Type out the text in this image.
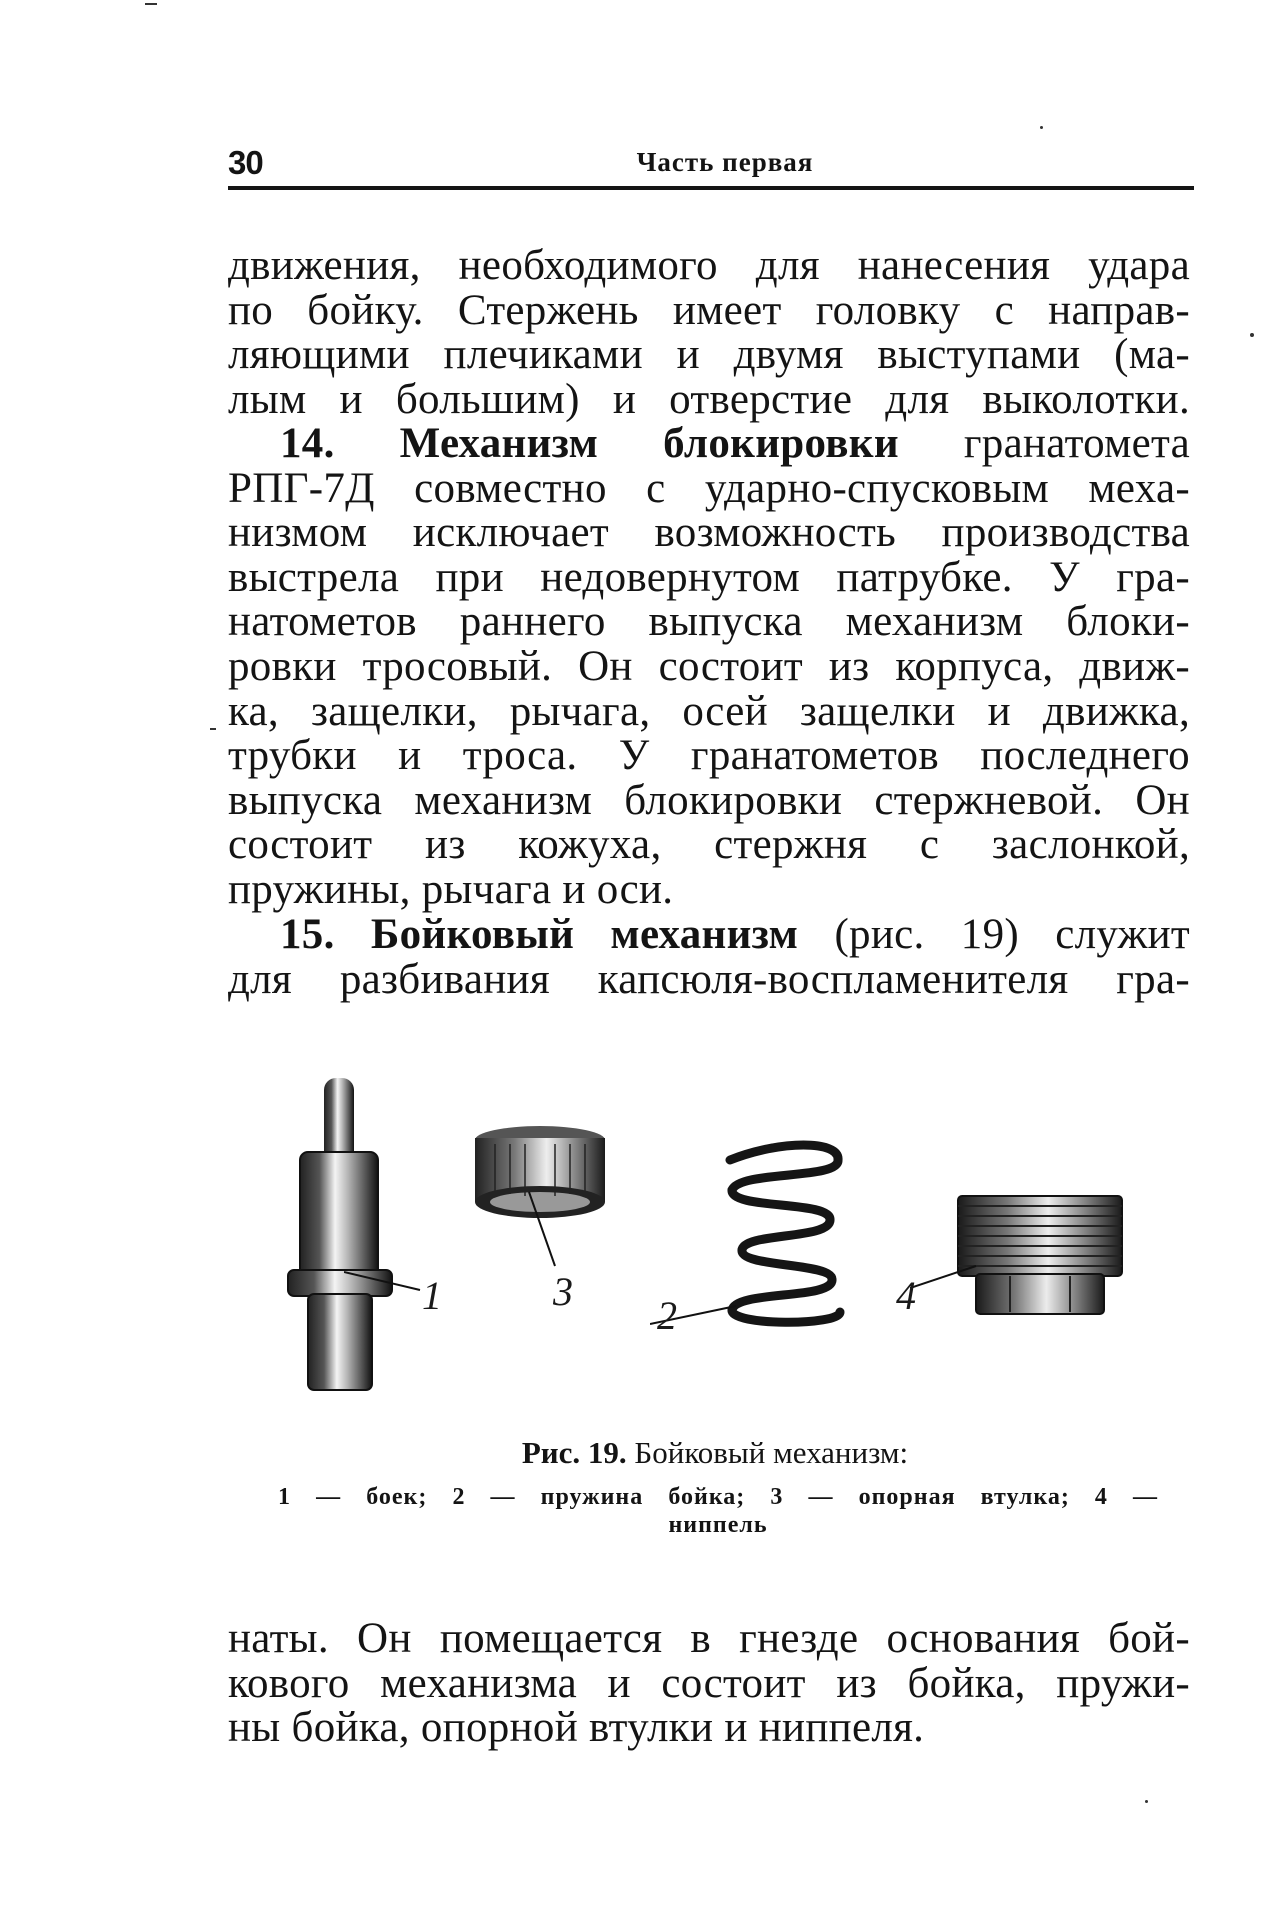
30	Часть первая
движения, необходимого для нанесения удара
по бойку. Стержень имеет головку с направ-
ляющими плечиками и двумя выступами (ма-
лым и большим) и отверстие для выколотки.
14. Механизм блокировки гранатомета
РПГ-7Д совместно с ударно-спусковым меха-
низмом исключает возможность производства
выстрела при недовернутом патрубке. У гра-
натометов раннего выпуска механизм блоки-
ровки тросовый. Он состоит из корпуса, движ-
ка, защелки, рычага, осей защелки и движка,
трубки и троса. У гранатометов последнего
выпуска механизм блокировки стержневой. Он
состоит из кожуха, стержня с заслонкой,
пружины, рычага и оси.
15. Бойковый механизм (рис. 19) служит
для разбивания капсюля-воспламенителя гра-
1	3
2	4
Рис. 19. Бойковый механизм:
1 — боек; 2 — пружина бойка; 3 — опорная втулка; 4 —
ниппель
наты. Он помещается в гнезде основания бой-
кового механизма и состоит из бойка, пружи-
ны бойка, опорной втулки и ниппеля.
